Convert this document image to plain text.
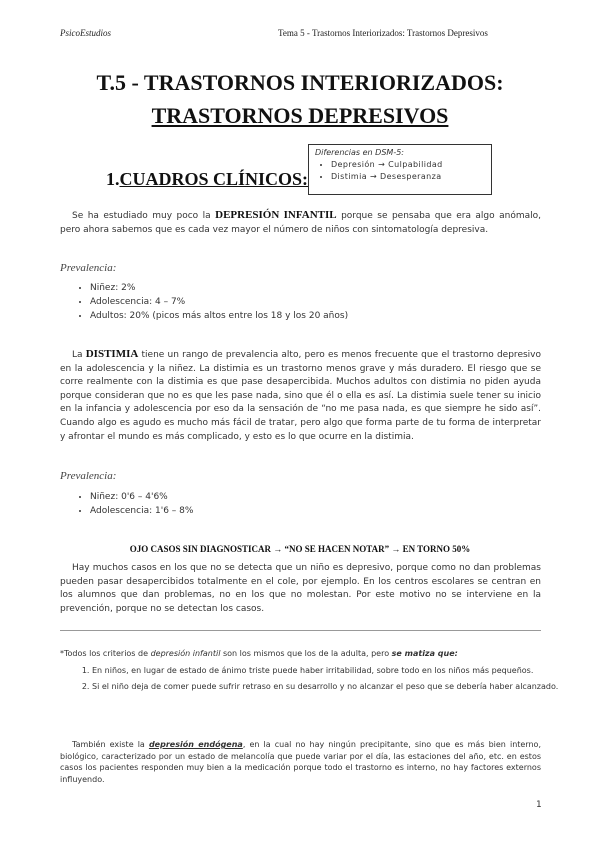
PsicoEstudios	Tema 5 - Trastornos Interiorizados: Trastornos Depresivos
T.5 - TRASTORNOS INTERIORIZADOS:
TRASTORNOS DEPRESIVOS
Diferencias en DSM-5:
• Depresión → Culpabilidad
• Distimia → Desesperanza
1.CUADROS CLÍNICOS:
Se ha estudiado muy poco la DEPRESIÓN INFANTIL porque se pensaba que era algo anómalo, pero ahora sabemos que es cada vez mayor el número de niños con sintomatología depresiva.
Prevalencia:
• Niñez: 2%
• Adolescencia: 4 – 7%
• Adultos: 20% (picos más altos entre los 18 y los 20 años)
La DISTIMIA tiene un rango de prevalencia alto, pero es menos frecuente que el trastorno depresivo en la adolescencia y la niñez. La distimia es un trastorno menos grave y más duradero. El riesgo que se corre realmente con la distimia es que pase desapercibida. Muchos adultos con distimia no piden ayuda porque consideran que no es que les pase nada, sino que él o ella es así. La distimia suele tener su inicio en la infancia y adolescencia por eso da la sensación de “no me pasa nada, es que siempre he sido así”. Cuando algo es agudo es mucho más fácil de tratar, pero algo que forma parte de tu forma de interpretar y afrontar el mundo es más complicado, y esto es lo que ocurre en la distimia.
Prevalencia:
• Niñez: 0'6 – 4'6%
• Adolescencia: 1'6 – 8%
OJO CASOS SIN DIAGNOSTICAR → “NO SE HACEN NOTAR” → EN TORNO 50%
Hay muchos casos en los que no se detecta que un niño es depresivo, porque como no dan problemas pueden pasar desapercibidos totalmente en el cole, por ejemplo. En los centros escolares se centran en los alumnos que dan problemas, no en los que no molestan. Por este motivo no se interviene en la prevención, porque no se detectan los casos.
*Todos los criterios de depresión infantil son los mismos que los de la adulta, pero se matiza que:
1. En niños, en lugar de estado de ánimo triste puede haber irritabilidad, sobre todo en los niños más pequeños.
2. Si el niño deja de comer puede sufrir retraso en su desarrollo y no alcanzar el peso que se debería haber alcanzado.
También existe la depresión endógena, en la cual no hay ningún precipitante, sino que es más bien interno, biológico, caracterizado por un estado de melancolía que puede variar por el día, las estaciones del año, etc. en estos casos los pacientes responden muy bien a la medicación porque todo el trastorno es interno, no hay factores externos influyendo.
1
